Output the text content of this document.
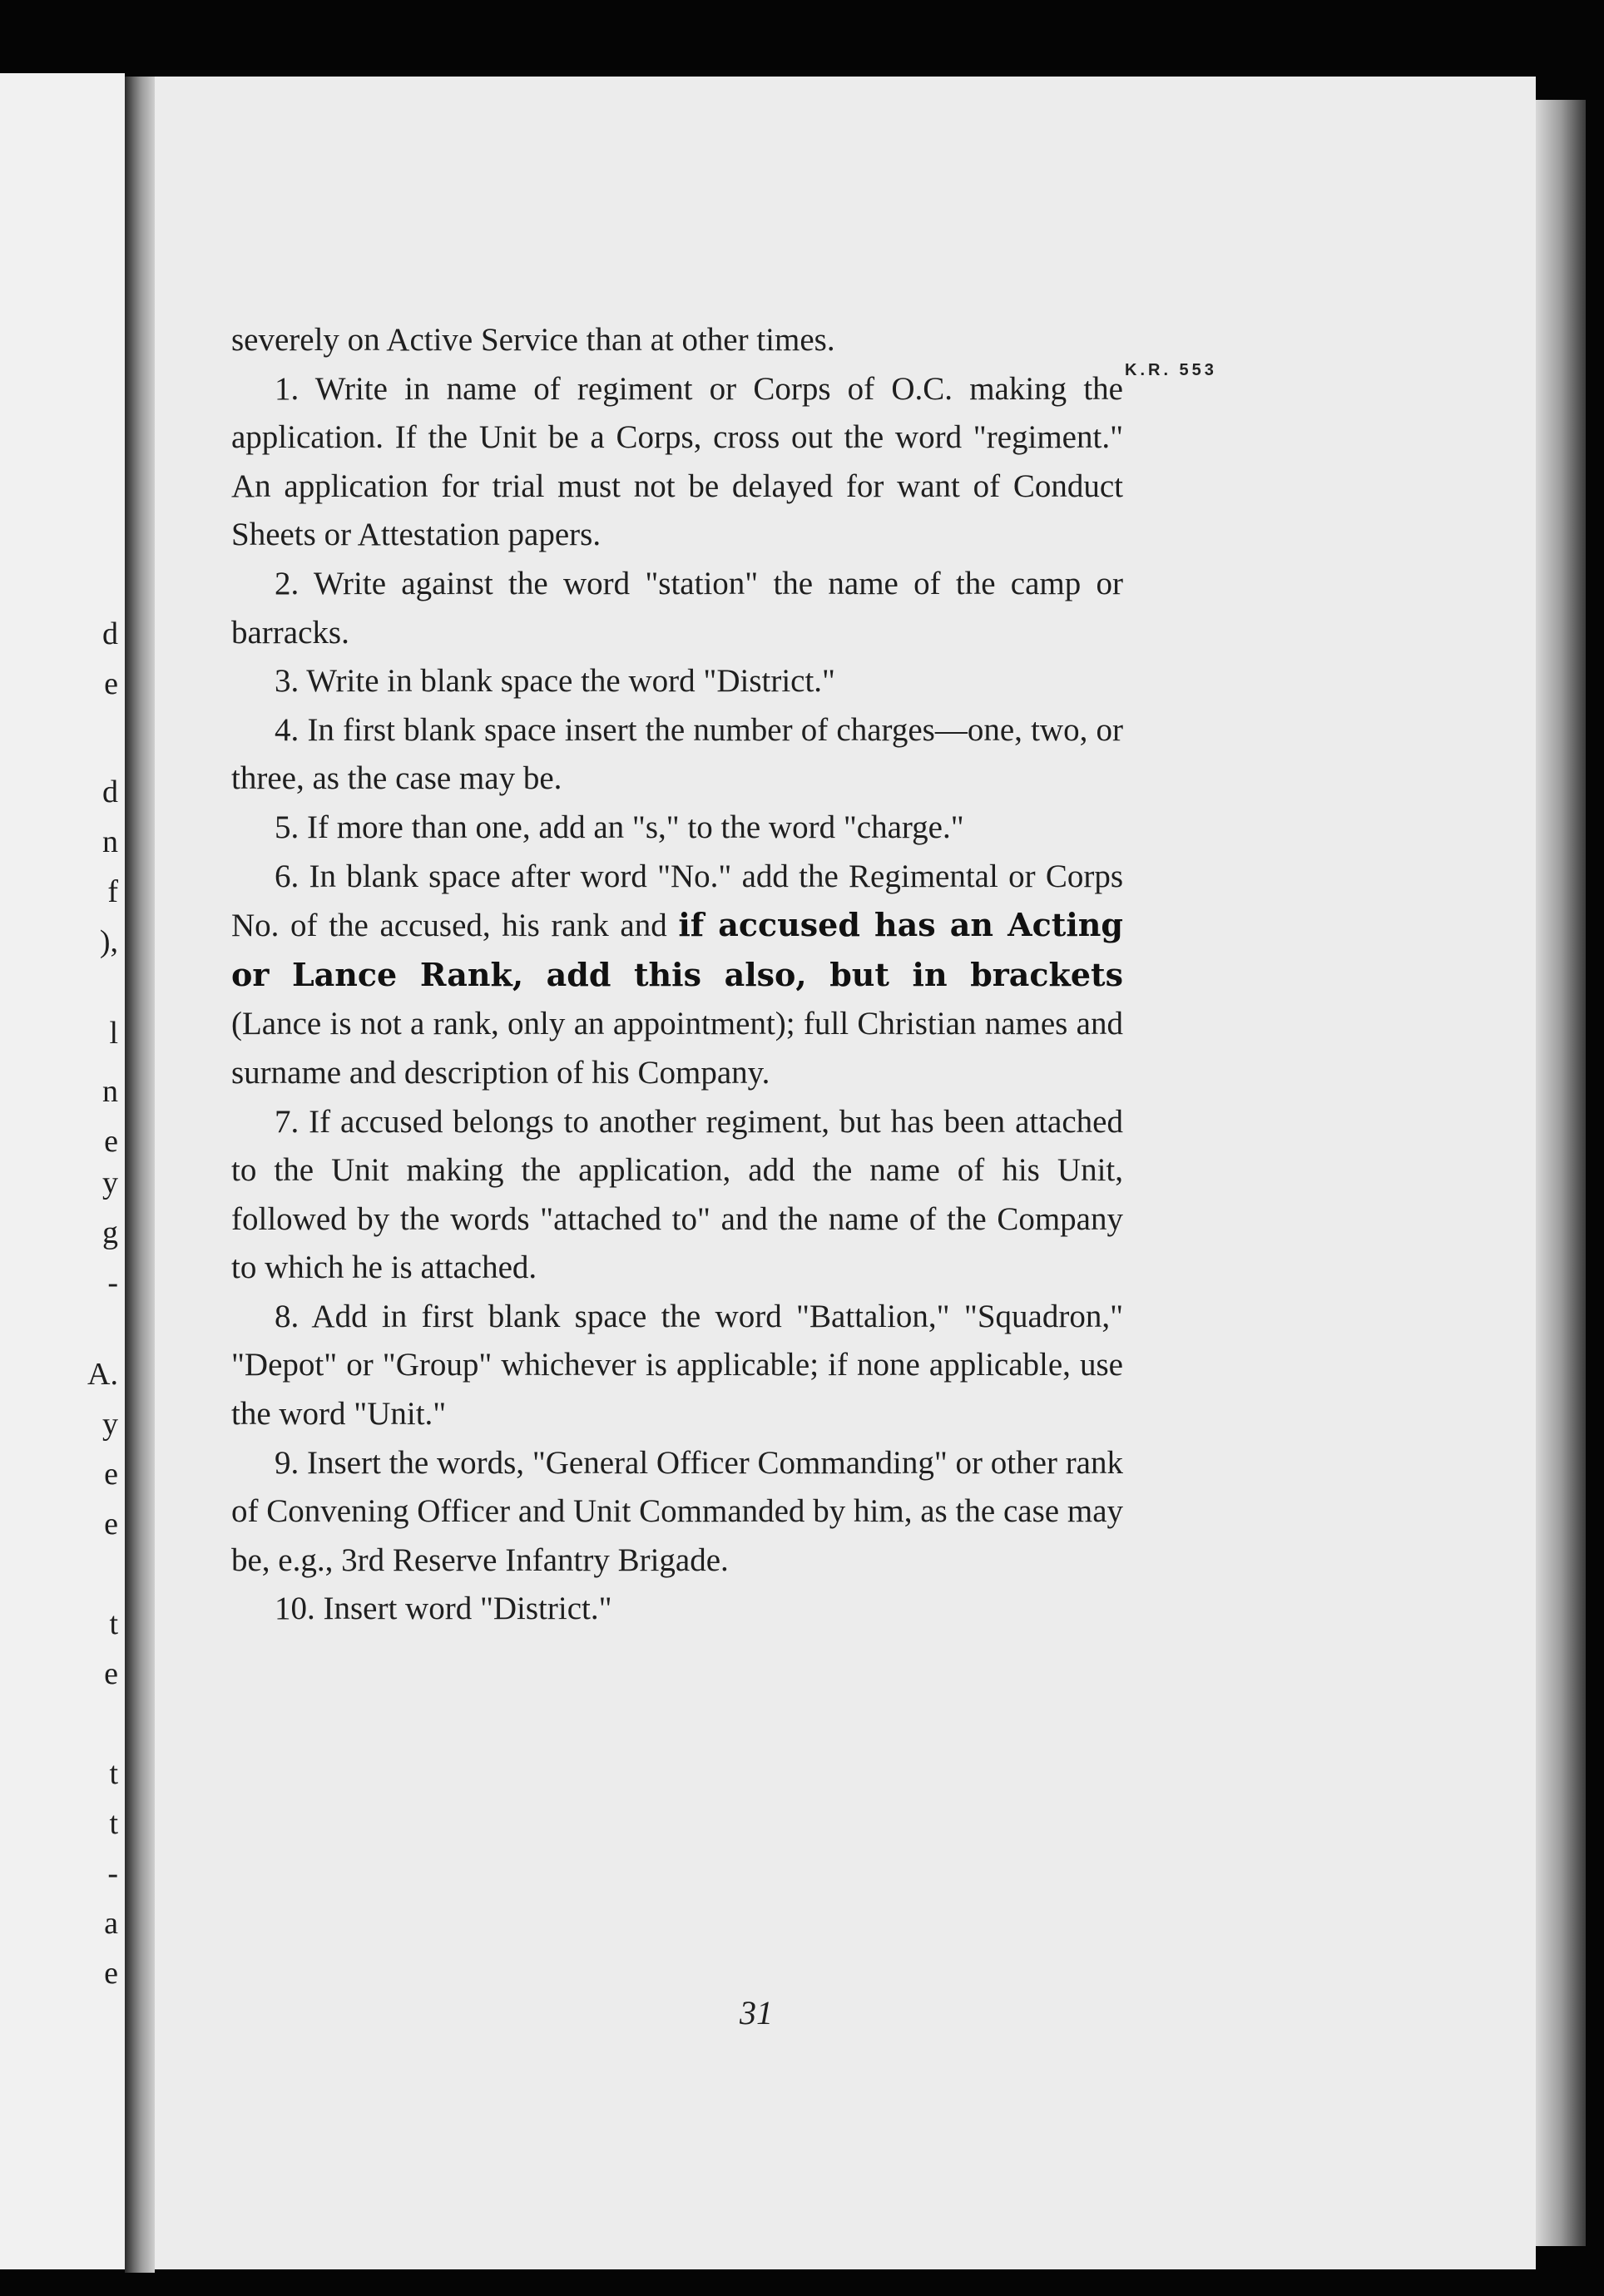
d
e
d
n
f
),
l
n
e
y
g
-
A.
y
e
e
t
e
t
t
-
a
e
K.R. 553

severely on Active Service than at other times.

1. Write in name of regiment or Corps of O.C. making the application. If the Unit be a Corps, cross out the word "regiment." An application for trial must not be delayed for want of Conduct Sheets or Attestation papers.

2. Write against the word "station" the name of the camp or barracks.

3. Write in blank space the word "District."

4. In first blank space insert the number of charges—one, two, or three, as the case may be.

5. If more than one, add an "s," to the word "charge."

6. In blank space after word "No." add the Regimental or Corps No. of the accused, his rank and if accused has an Acting or Lance Rank, add this also, but in brackets (Lance is not a rank, only an appointment); full Christian names and surname and description of his Company.

7. If accused belongs to another regiment, but has been attached to the Unit making the application, add the name of his Unit, followed by the words "attached to" and the name of the Company to which he is attached.

8. Add in first blank space the word "Battalion," "Squadron," "Depot" or "Group" whichever is applicable; if none applicable, use the word "Unit."

9. Insert the words, "General Officer Commanding" or other rank of Convening Officer and Unit Commanded by him, as the case may be, e.g., 3rd Reserve Infantry Brigade.

10. Insert word "District."

31
